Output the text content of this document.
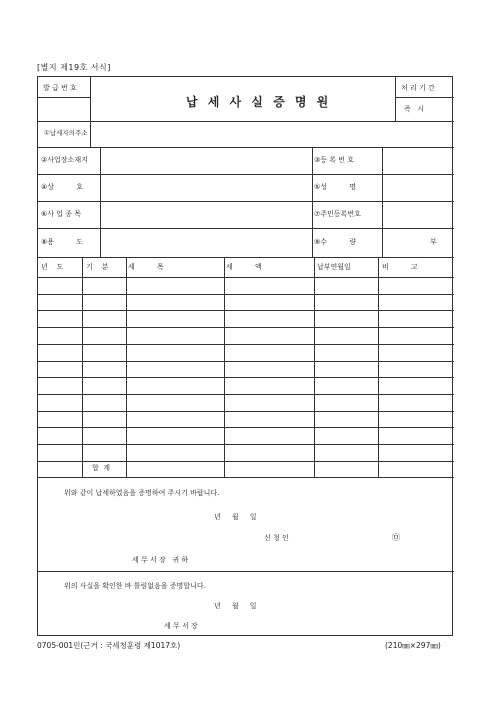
[별지 제19호 서식]
발 급 번 호
납 세 사 실 증 명 원
처 리 기 간
즉   시
①납세자의주소
②사업장소재지	③등 록 번 호
④상          호	⑤성          명
⑥사 업 종 목	⑦주민등록번호
⑧용          도	⑨수          량	부
년    도	기    분	세          목	세          액	납부연월일	비          고
합  계
위와 같이 납세하였음을 증명하여 주시기 바랍니다.
년     월     일
신 청 인	㉤
세 무 서 장   귀 하
위의 사실을 확인한 바 틀림없음을 증명합니다.
년     월     일
세 무 서 장
0705-001민(근거 : 국세청훈령 제1017호)	(210㎜×297㎜)
